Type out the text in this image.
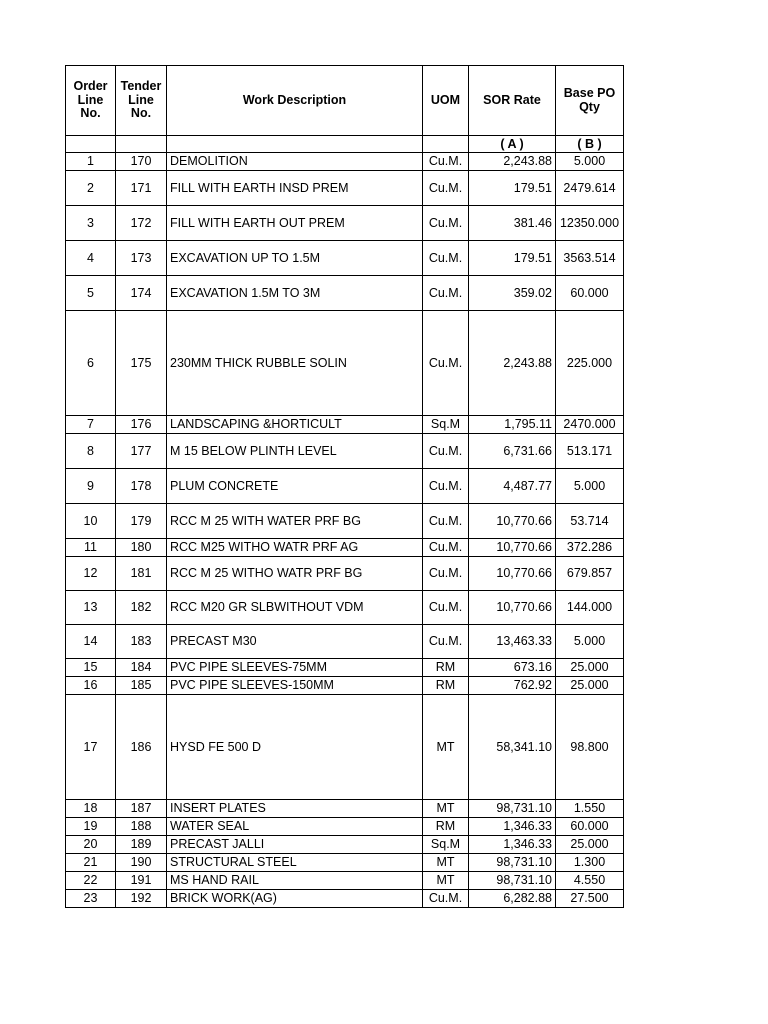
Order Line No.	Tender Line No.	Work Description	UOM	SOR Rate	Base PO Qty
				( A )	( B )
1	170	DEMOLITION	Cu.M.	2,243.88	5.000
2	171	FILL WITH EARTH INSD PREM	Cu.M.	179.51	2479.614
3	172	FILL WITH EARTH OUT PREM	Cu.M.	381.46	12350.000
4	173	EXCAVATION UP TO 1.5M	Cu.M.	179.51	3563.514
5	174	EXCAVATION 1.5M TO 3M	Cu.M.	359.02	60.000
6	175	230MM THICK RUBBLE SOLIN	Cu.M.	2,243.88	225.000
7	176	LANDSCAPING &HORTICULT	Sq.M	1,795.11	2470.000
8	177	M 15 BELOW PLINTH LEVEL	Cu.M.	6,731.66	513.171
9	178	PLUM CONCRETE	Cu.M.	4,487.77	5.000
10	179	RCC M 25 WITH WATER PRF BG	Cu.M.	10,770.66	53.714
11	180	RCC M25 WITHO WATR PRF AG	Cu.M.	10,770.66	372.286
12	181	RCC M 25 WITHO WATR PRF BG	Cu.M.	10,770.66	679.857
13	182	RCC M20 GR SLBWITHOUT VDM	Cu.M.	10,770.66	144.000
14	183	PRECAST M30	Cu.M.	13,463.33	5.000
15	184	PVC PIPE SLEEVES-75MM	RM	673.16	25.000
16	185	PVC PIPE SLEEVES-150MM	RM	762.92	25.000
17	186	HYSD FE 500 D	MT	58,341.10	98.800
18	187	INSERT PLATES	MT	98,731.10	1.550
19	188	WATER SEAL	RM	1,346.33	60.000
20	189	PRECAST JALLI	Sq.M	1,346.33	25.000
21	190	STRUCTURAL STEEL	MT	98,731.10	1.300
22	191	MS HAND RAIL	MT	98,731.10	4.550
23	192	BRICK WORK(AG)	Cu.M.	6,282.88	27.500
